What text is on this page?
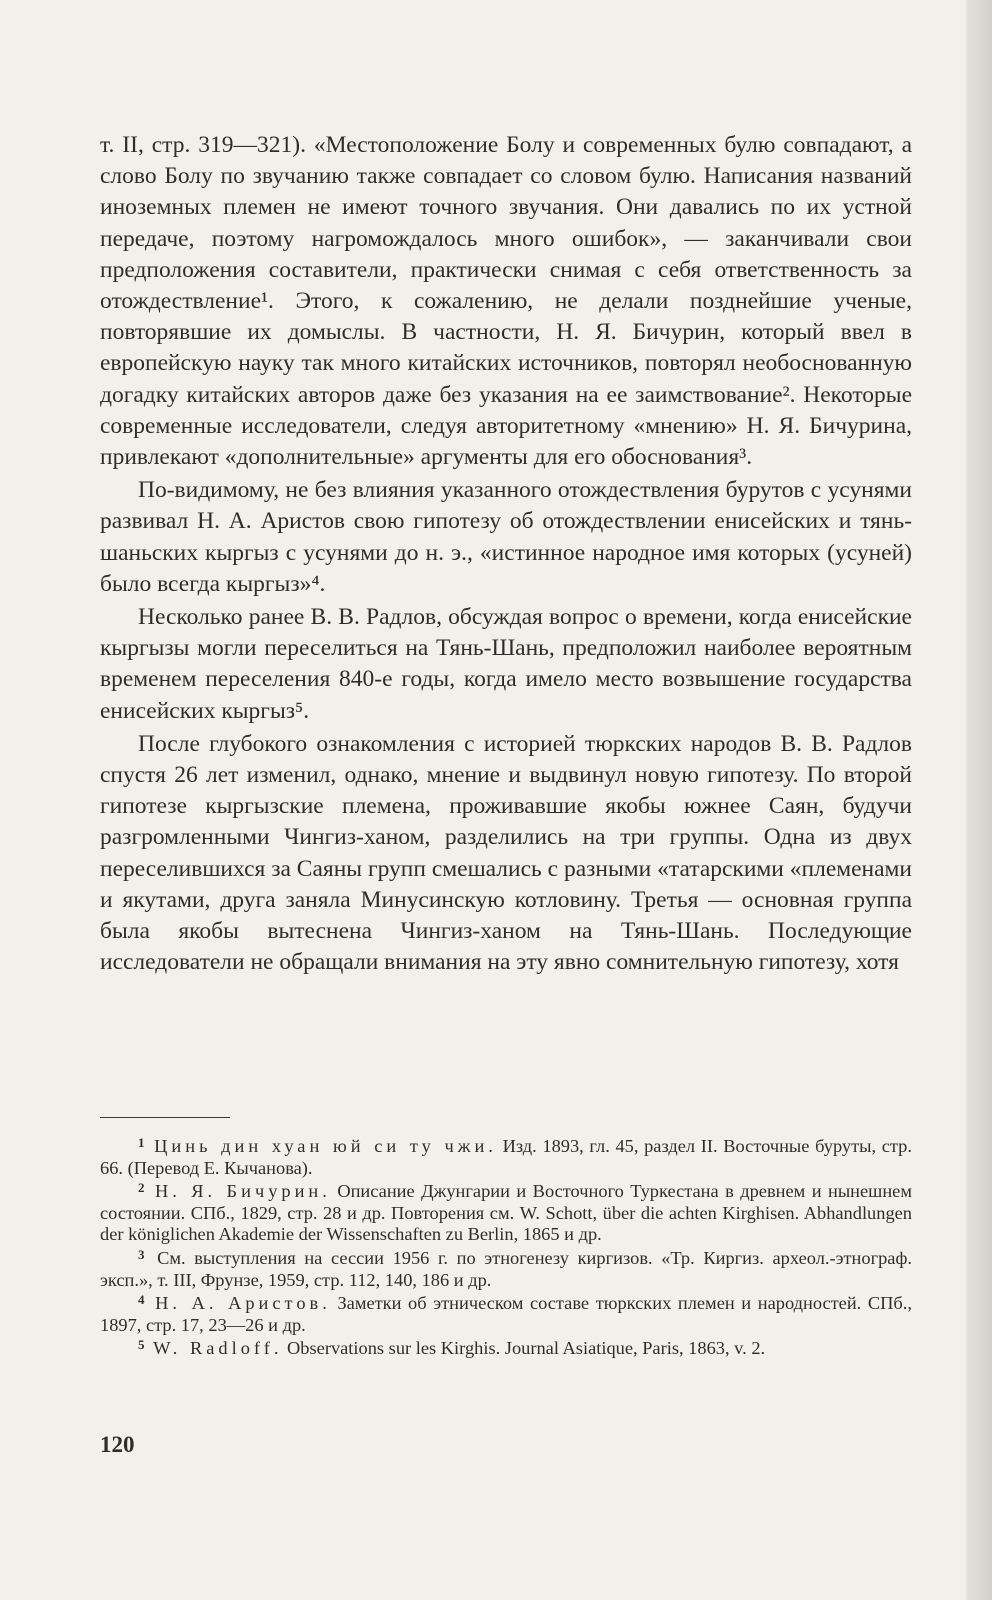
т. II, стр. 319—321). «Местоположение Болу и современных булю совпадают, а слово Болу по звучанию также совпадает со словом булю. Написания названий иноземных племен не имеют точного звучания. Они давались по их устной передаче, поэтому нагромождалось много ошибок», — заканчивали свои предположения составители, практически снимая с себя ответственность за отождествление¹. Этого, к сожалению, не делали позднейшие ученые, повторявшие их домыслы. В частности, Н. Я. Бичурин, который ввел в европейскую науку так много китайских источников, повторял необоснованную догадку китайских авторов даже без указания на ее заимствование². Некоторые современные исследователи, следуя авторитетному «мнению» Н. Я. Бичурина, привлекают «дополнительные» аргументы для его обоснования³.

По-видимому, не без влияния указанного отождествления бурутов с усунями развивал Н. А. Аристов свою гипотезу об отождествлении енисейских и тянь-шаньских кыргыз с усунями до н. э., «истинное народное имя которых (усуней) было всегда кыргыз»⁴.

Несколько ранее В. В. Радлов, обсуждая вопрос о времени, когда енисейские кыргызы могли переселиться на Тянь-Шань, предположил наиболее вероятным временем переселения 840-е годы, когда имело место возвышение государства енисейских кыргыз⁵.

После глубокого ознакомления с историей тюркских народов В. В. Радлов спустя 26 лет изменил, однако, мнение и выдвинул новую гипотезу. По второй гипотезе кыргызские племена, проживавшие якобы южнее Саян, будучи разгромленными Чингиз-ханом, разделились на три группы. Одна из двух переселившихся за Саяны групп смешались с разными «татарскими «племенами и якутами, друга заняла Минусинскую котловину. Третья — основная группа была якобы вытеснена Чингиз-ханом на Тянь-Шань. Последующие исследователи не обращали внимания на эту явно сомнительную гипотезу, хотя

$^1$ Цинь дин хуан юй си ту чжи. Изд. 1893, гл. 45, раздел II. Восточные буруты, стр. 66. (Перевод Е. Кычанова).

$^2$ Н. Я. Бичурин. Описание Джунгарии и Восточного Туркестана в древнем и нынешнем состоянии. СПб., 1829, стр. 28 и др. Повторения см. W. Schott, über die achten Kirghisen. Abhandlungen der königlichen Akademie der Wissenschaften zu Berlin, 1865 и др.

$^3$ См. выступления на сессии 1956 г. по этногенезу киргизов. «Тр. Киргиз. археол.-этнограф. эксп.», т. III, Фрунзе, 1959, стр. 112, 140, 186 и др.

$^4$ Н. А. Аристов. Заметки об этническом составе тюркских племен и народностей. СПб., 1897, стр. 17, 23—26 и др.

$^5$ W. Radloff. Observations sur les Kirghis. Journal Asiatique, Paris, 1863, v. 2.

120
